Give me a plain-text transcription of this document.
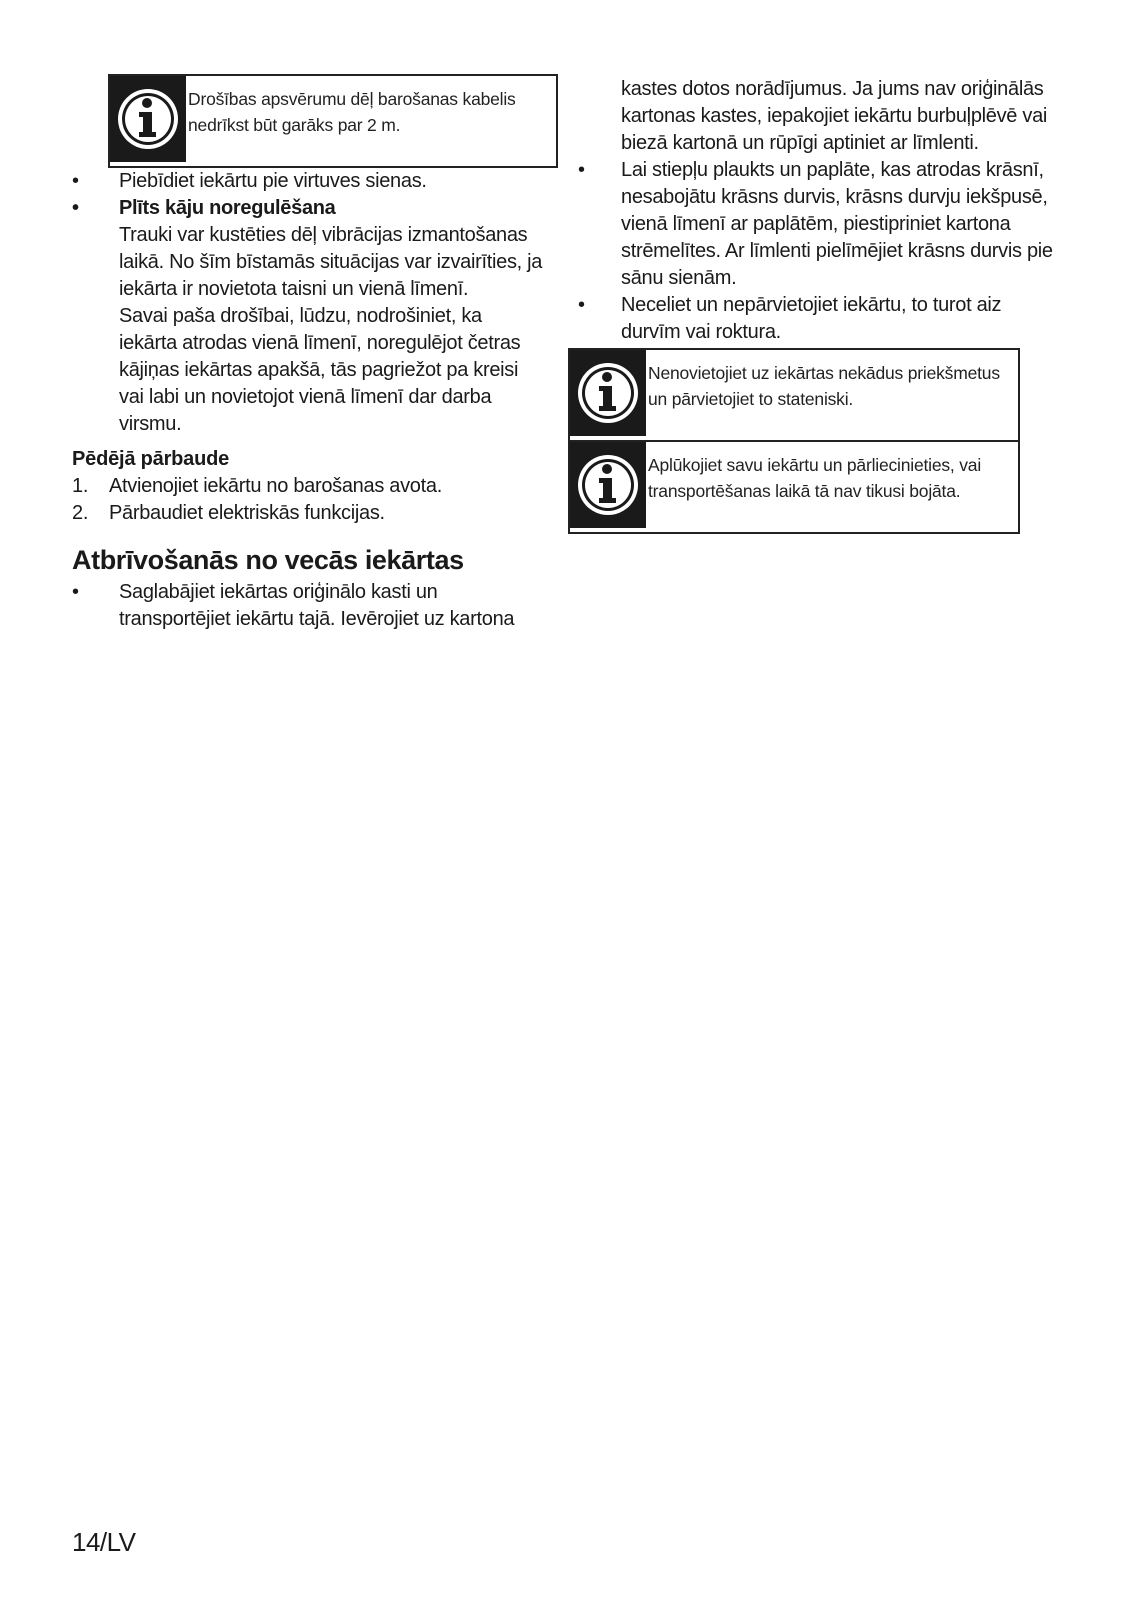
Drošības apsvērumu dēļ barošanas kabelis nedrīkst būt garāks par 2 m.
• Piebīdiet iekārtu pie virtuves sienas.
• Plīts kāju noregulēšana
Trauki var kustēties dēļ vibrācijas izmantošanas laikā. No šīm bīstamās situācijas var izvairīties, ja iekārta ir novietota taisni un vienā līmenī.
Savai paša drošībai, lūdzu, nodrošiniet, ka iekārta atrodas vienā līmenī, noregulējot četras kājiņas iekārtas apakšā, tās pagriežot pa kreisi vai labi un novietojot vienā līmenī dar darba virsmu.
Pēdējā pārbaude
1. Atvienojiet iekārtu no barošanas avota.
2. Pārbaudiet elektriskās funkcijas.
Atbrīvošanās no vecās iekārtas
• Saglabājiet iekārtas oriģinālo kasti un transportējiet iekārtu tajā. Ievērojiet uz kartona
kastes dotos norādījumus. Ja jums nav oriģinālās kartonas kastes, iepakojiet iekārtu burbuļplēvē vai biezā kartonā un rūpīgi aptiniet ar līmlenti.
• Lai stiepļu plaukts un paplāte, kas atrodas krāsnī, nesabojātu krāsns durvis, krāsns durvju iekšpusē, vienā līmenī ar paplātēm, piestipriniet kartona strēmelītes. Ar līmlenti pielīmējiet krāsns durvis pie sānu sienām.
• Neceliet un nepārvietojiet iekārtu, to turot aiz durvīm vai roktura.
Nenovietojiet uz iekārtas nekādus priekšmetus un pārvietojiet to stateniski.
Aplūkojiet savu iekārtu un pārliecinieties, vai transportēšanas laikā tā nav tikusi bojāta.
14/LV
